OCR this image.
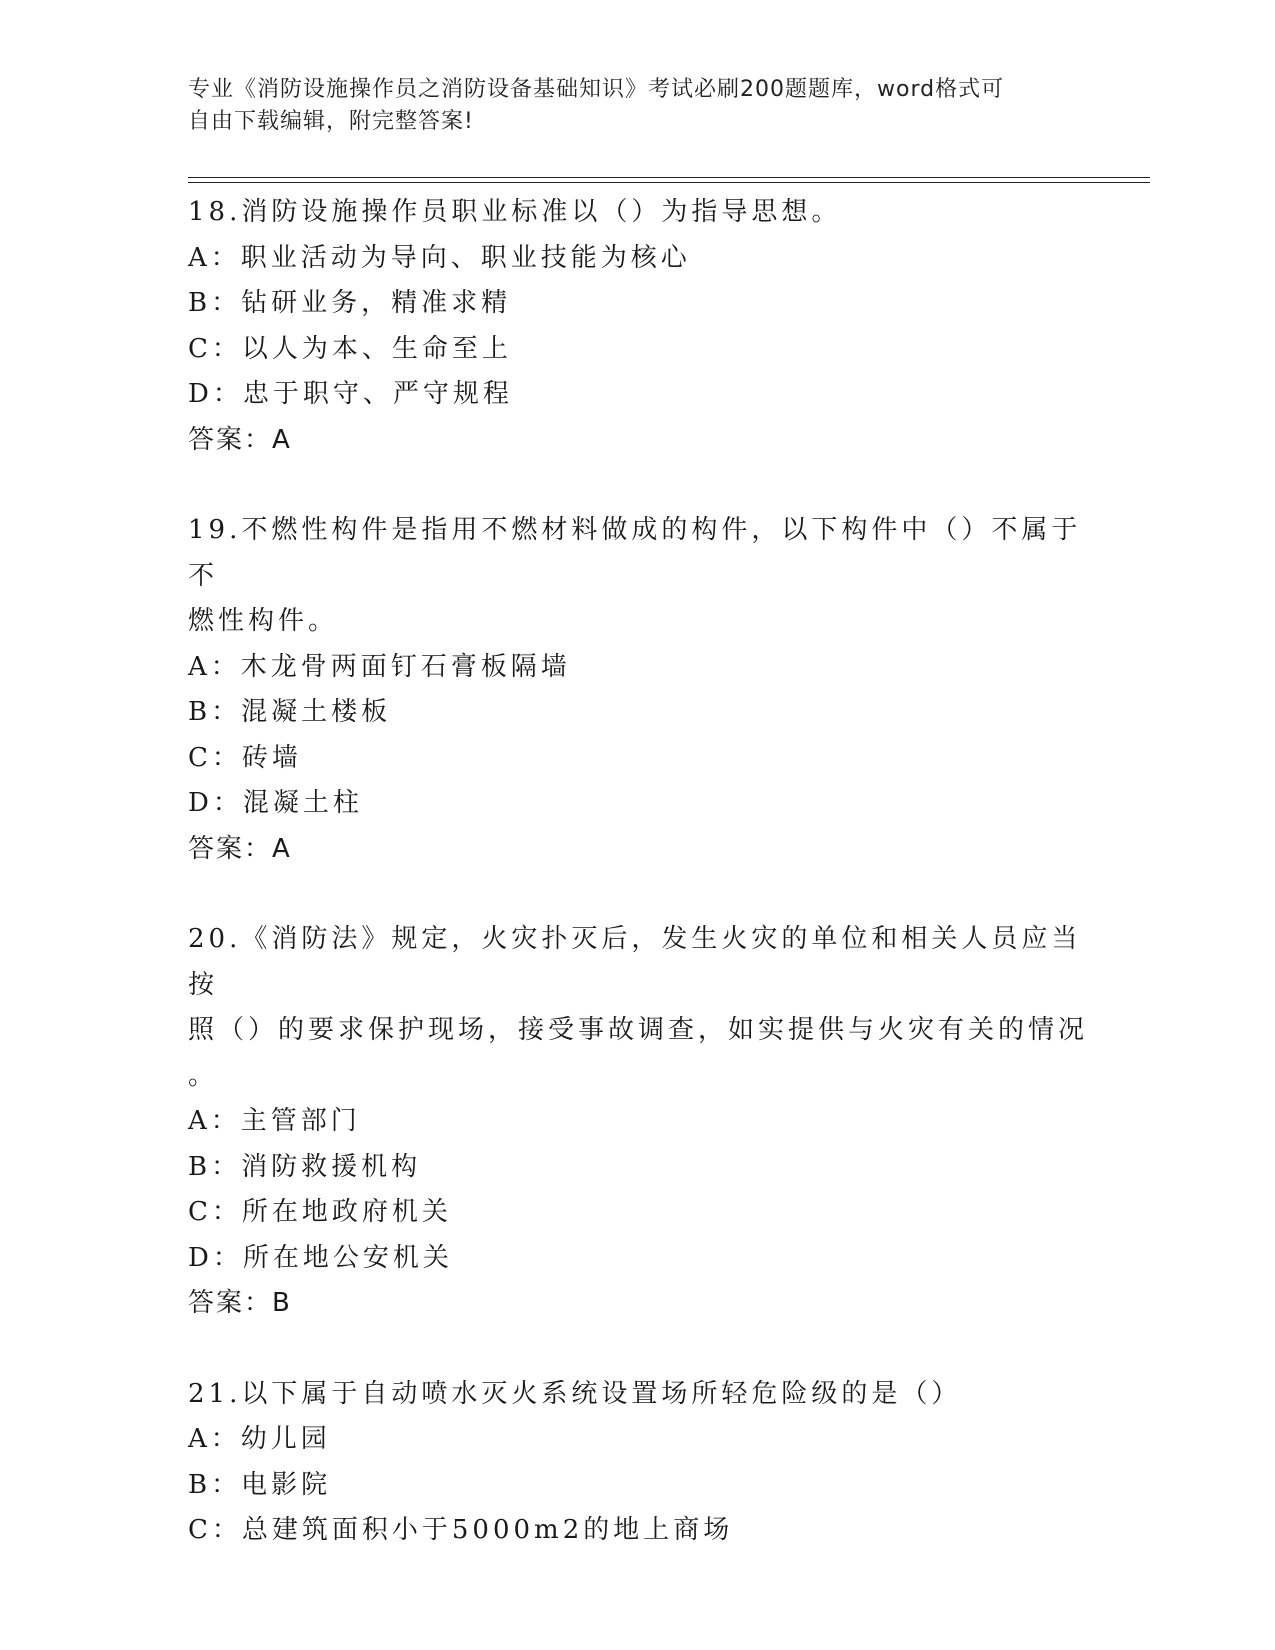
专业《消防设施操作员之消防设备基础知识》考试必刷200题题库，word格式可
自由下载编辑，附完整答案!
18.消防设施操作员职业标准以（）为指导思想。
A：职业活动为导向、职业技能为核心
B：钻研业务，精准求精
C：以人为本、生命至上
D：忠于职守、严守规程
答案：A
19.不燃性构件是指用不燃材料做成的构件，以下构件中（）不属于不
燃性构件。
A：木龙骨两面钉石膏板隔墙
B：混凝土楼板
C：砖墙
D：混凝土柱
答案：A
20.《消防法》规定，火灾扑灭后，发生火灾的单位和相关人员应当按
照（）的要求保护现场，接受事故调查，如实提供与火灾有关的情况
。
A：主管部门
B：消防救援机构
C：所在地政府机关
D：所在地公安机关
答案：B
21.以下属于自动喷水灭火系统设置场所轻危险级的是（）
A：幼儿园
B：电影院
C：总建筑面积小于5000m2的地上商场
